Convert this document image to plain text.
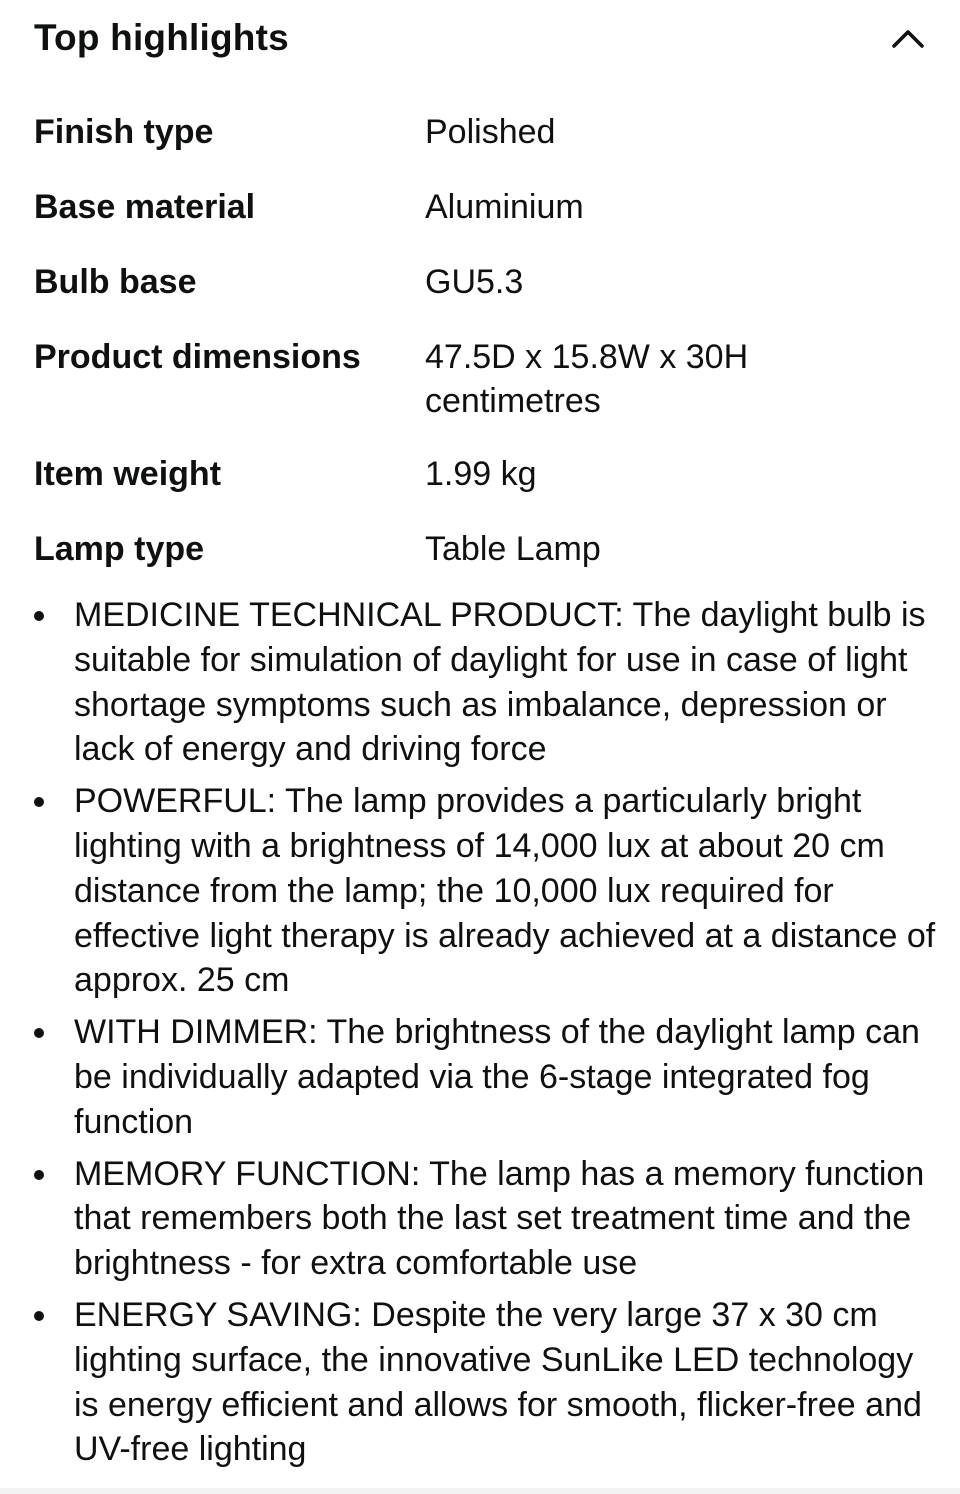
Top highlights
Finish type	Polished
Base material	Aluminium
Bulb base	GU5.3
Product dimensions	47.5D x 15.8W x 30H centimetres
Item weight	1.99 kg
Lamp type	Table Lamp
MEDICINE TECHNICAL PRODUCT: The daylight bulb is suitable for simulation of daylight for use in case of light shortage symptoms such as imbalance, depression or lack of energy and driving force
POWERFUL: The lamp provides a particularly bright lighting with a brightness of 14,000 lux at about 20 cm distance from the lamp; the 10,000 lux required for effective light therapy is already achieved at a distance of approx. 25 cm
WITH DIMMER: The brightness of the daylight lamp can be individually adapted via the 6-stage integrated fog function
MEMORY FUNCTION: The lamp has a memory function that remembers both the last set treatment time and the brightness - for extra comfortable use
ENERGY SAVING: Despite the very large 37 x 30 cm lighting surface, the innovative SunLike LED technology is energy efficient and allows for smooth, flicker-free and UV-free lighting
